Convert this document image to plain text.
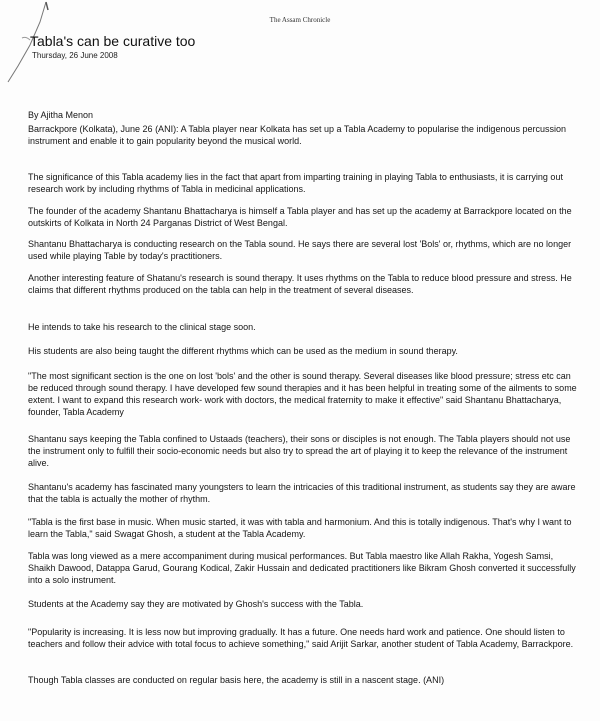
The Assam Chronicle
Tabla's can be curative too
Thursday, 26 June 2008
By Ajitha Menon

Barrackpore (Kolkata), June 26 (ANI): A Tabla player near Kolkata has set up a Tabla Academy to popularise the indigenous percussion instrument and enable it to gain popularity beyond the musical world.

The significance of this Tabla academy lies in the fact that apart from imparting training in playing Tabla to enthusiasts, it is carrying out research work by including rhythms of Tabla in medicinal applications.

The founder of the academy Shantanu Bhattacharya is himself a Tabla player and has set up the academy at Barrackpore located on the outskirts of Kolkata in North 24 Parganas District of West Bengal.

Shantanu Bhattacharya is conducting research on the Tabla sound. He says there are several lost 'Bols' or, rhythms, which are no longer used while playing Table by today's practitioners.

Another interesting feature of Shatanu's research is sound therapy. It uses rhythms on the Tabla to reduce blood pressure and stress. He claims that different rhythms produced on the tabla can help in the treatment of several diseases.

He intends to take his research to the clinical stage soon.

His students are also being taught the different rhythms which can be used as the medium in sound therapy.

"The most significant section is the one on lost 'bols' and the other is sound therapy. Several diseases like blood pressure; stress etc can be reduced through sound therapy. I have developed few sound therapies and it has been helpful in treating some of the ailments to some extent. I want to expand this research work- work with doctors, the medical fraternity to make it effective" said Shantanu Bhattacharya, founder, Tabla Academy

Shantanu says keeping the Tabla confined to Ustaads (teachers), their sons or disciples is not enough. The Tabla players should not use the instrument only to fulfill their socio-economic needs but also try to spread the art of playing it to keep the relevance of the instrument alive.

Shantanu's academy has fascinated many youngsters to learn the intricacies of this traditional instrument, as students say they are aware that the tabla is actually the mother of rhythm.

"Tabla is the first base in music. When music started, it was with tabla and harmonium. And this is totally indigenous. That's why I want to learn the Tabla," said Swagat Ghosh, a student at the Tabla Academy.

Tabla was long viewed as a mere accompaniment during musical performances. But Tabla maestro like Allah Rakha, Yogesh Samsi, Shaikh Dawood, Datappa Garud, Gourang Kodical, Zakir Hussain and dedicated practitioners like Bikram Ghosh converted it successfully into a solo instrument.

Students at the Academy say they are motivated by Ghosh's success with the Tabla.

"Popularity is increasing. It is less now but improving gradually. It has a future. One needs hard work and patience. One should listen to teachers and follow their advice with total focus to achieve something," said Arijit Sarkar, another student of Tabla Academy, Barrackpore.

Though Tabla classes are conducted on regular basis here, the academy is still in a nascent stage. (ANI)
